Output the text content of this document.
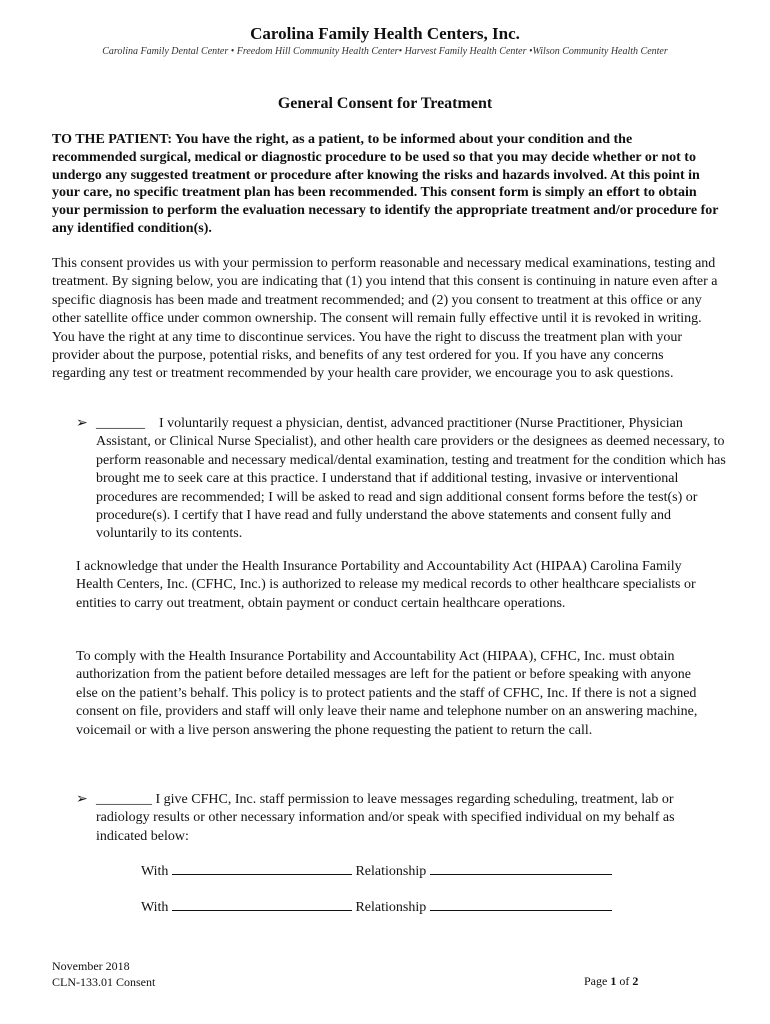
Carolina Family Health Centers, Inc.
Carolina Family Dental Center • Freedom Hill Community Health Center• Harvest Family Health Center •Wilson Community Health Center
General Consent for Treatment
TO THE PATIENT: You have the right, as a patient, to be informed about your condition and the recommended surgical, medical or diagnostic procedure to be used so that you may decide whether or not to undergo any suggested treatment or procedure after knowing the risks and hazards involved. At this point in your care, no specific treatment plan has been recommended. This consent form is simply an effort to obtain your permission to perform the evaluation necessary to identify the appropriate treatment and/or procedure for any identified condition(s).
This consent provides us with your permission to perform reasonable and necessary medical examinations, testing and treatment. By signing below, you are indicating that (1) you intend that this consent is continuing in nature even after a specific diagnosis has been made and treatment recommended; and (2) you consent to treatment at this office or any other satellite office under common ownership. The consent will remain fully effective until it is revoked in writing. You have the right at any time to discontinue services. You have the right to discuss the treatment plan with your provider about the purpose, potential risks, and benefits of any test ordered for you. If you have any concerns regarding any test or treatment recommended by your health care provider, we encourage you to ask questions.
➢ _______ I voluntarily request a physician, dentist, advanced practitioner (Nurse Practitioner, Physician Assistant, or Clinical Nurse Specialist), and other health care providers or the designees as deemed necessary, to perform reasonable and necessary medical/dental examination, testing and treatment for the condition which has brought me to seek care at this practice. I understand that if additional testing, invasive or interventional procedures are recommended; I will be asked to read and sign additional consent forms before the test(s) or procedure(s). I certify that I have read and fully understand the above statements and consent fully and voluntarily to its contents.
I acknowledge that under the Health Insurance Portability and Accountability Act (HIPAA) Carolina Family Health Centers, Inc. (CFHC, Inc.) is authorized to release my medical records to other healthcare specialists or entities to carry out treatment, obtain payment or conduct certain healthcare operations.
To comply with the Health Insurance Portability and Accountability Act (HIPAA), CFHC, Inc. must obtain authorization from the patient before detailed messages are left for the patient or before speaking with anyone else on the patient’s behalf. This policy is to protect patients and the staff of CFHC, Inc. If there is not a signed consent on file, providers and staff will only leave their name and telephone number on an answering machine, voicemail or with a live person answering the phone requesting the patient to return the call.
➢ ________ I give CFHC, Inc. staff permission to leave messages regarding scheduling, treatment, lab or radiology results or other necessary information and/or speak with specified individual on my behalf as indicated below:
With	Relationship
With	Relationship
November 2018
CLN-133.01 Consent	Page 1 of 2
